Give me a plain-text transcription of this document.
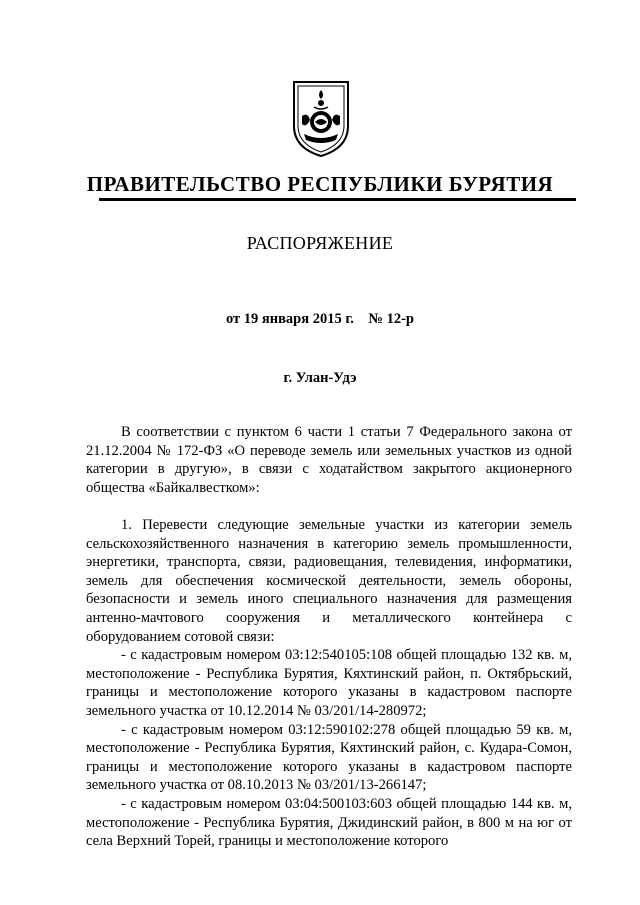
ПРАВИТЕЛЬСТВО РЕСПУБЛИКИ БУРЯТИЯ
РАСПОРЯЖЕНИЕ
от 19 января 2015 г.    № 12-р
г. Улан-Удэ

В соответствии с пунктом 6 части 1 статьи 7 Федерального закона от 21.12.2004 № 172-ФЗ «О переводе земель или земельных участков из одной категории в другую», в связи с ходатайством закрытого акционерного общества «Байкалвестком»:

1. Перевести следующие земельные участки из категории земель сельскохозяйственного назначения в категорию земель промышленности, энергетики, транспорта, связи, радиовещания, телевидения, информатики, земель для обеспечения космической деятельности, земель обороны, безопасности и земель иного специального назначения для размещения антенно-мачтового сооружения и металлического контейнера с оборудованием сотовой связи:
- с кадастровым номером 03:12:540105:108 общей площадью 132 кв. м, местоположение - Республика Бурятия, Кяхтинский район, п. Октябрьский, границы и местоположение которого указаны в кадастровом паспорте земельного участка от 10.12.2014 № 03/201/14-280972;
- с кадастровым номером 03:12:590102:278 общей площадью 59 кв. м, местоположение - Республика Бурятия, Кяхтинский район, с. Кудара-Сомон, границы и местоположение которого указаны в кадастровом паспорте земельного участка от 08.10.2013 № 03/201/13-266147;
- с кадастровым номером 03:04:500103:603 общей площадью 144 кв. м, местоположение - Республика Бурятия, Джидинский район, в 800 м на юг от села Верхний Торей, границы и местоположение которого
